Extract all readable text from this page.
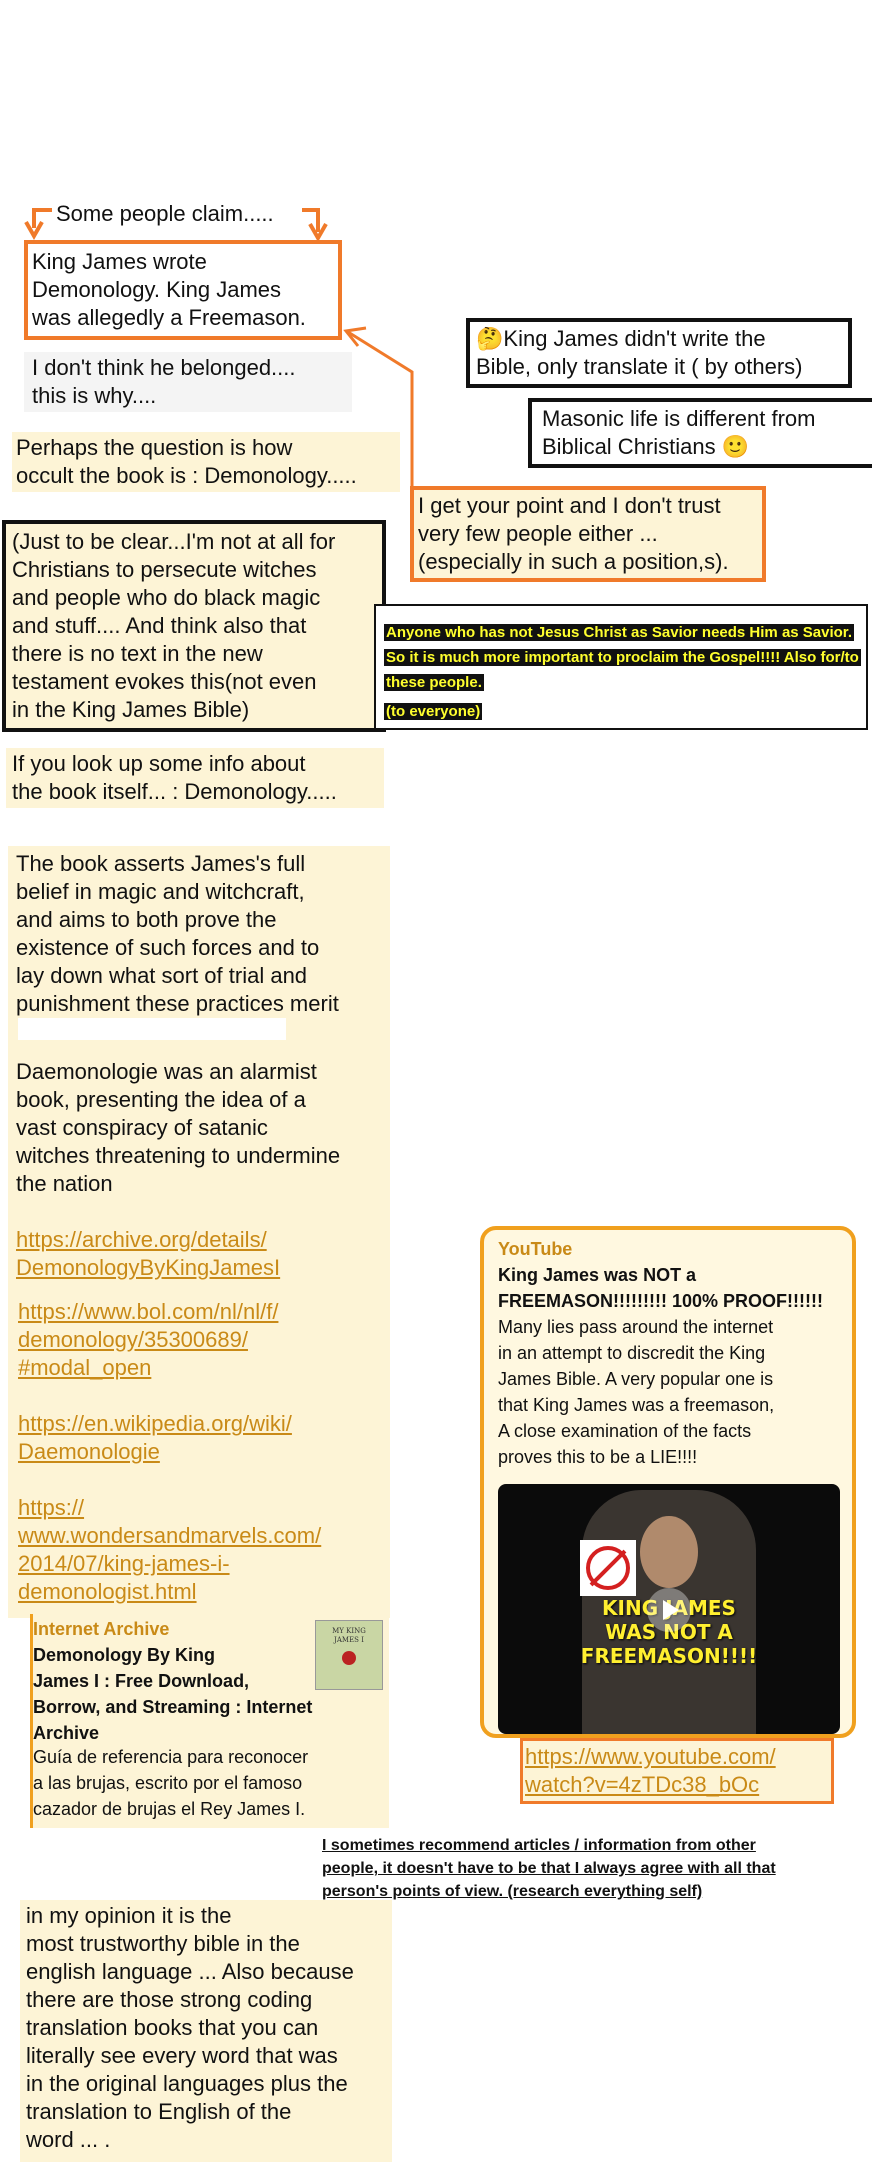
Some people claim.....
King James wrote
Demonology. King James
was allegedly a Freemason.
I don't think he belonged....
this is why....
🤔King James didn't write the
Bible, only translate it ( by others)
Masonic life is different from
Biblical Christians 🙂
Perhaps the question is how
occult the book is : Demonology.....
I get your point and I don't trust
very few people either ...
(especially in such a position,s).
(Just to be clear...I'm not at all for
Christians to persecute witches
and people who do black magic
and stuff.... And think also that
there is no text in the new
testament evokes this(not even
in the King James Bible)
Anyone who has not Jesus Christ as Savior needs Him as Savior.
So it is much more important to proclaim the Gospel!!!! Also for/to
these people.
(to everyone)
If you look up some info about
the book itself... : Demonology.....
The book asserts James's full
belief in magic and witchcraft,
and aims to both prove the
existence of such forces and to
lay down what sort of trial and
punishment these practices merit
Daemonologie was an alarmist
book, presenting the idea of a
vast conspiracy of satanic
witches threatening to undermine
the nation
https://archive.org/details/
DemonologyByKingJamesI
https://www.bol.com/nl/nl/f/
demonology/35300689/
#modal_open
https://en.wikipedia.org/wiki/
Daemonologie
https://
www.wondersandmarvels.com/
2014/07/king-james-i-
demonologist.html
Internet Archive
Demonology By King
James I : Free Download,
Borrow, and Streaming : Internet
Archive
Guía de referencia para reconocer
a las brujas, escrito por el famoso
cazador de brujas el Rey James I.
MY KING
JAMES I
YouTube
King James was NOT a
FREEMASON!!!!!!!!! 100% PROOF!!!!!!
Many lies pass around the internet
in an attempt to discredit the King
James Bible. A very popular one is
that King James was a freemason,
A close examination of the facts
proves this to be a LIE!!!!
KING JAMES
WAS NOT A
FREEMASON!!!!
https://www.youtube.com/
watch?v=4zTDc38_bOc
I sometimes recommend articles / information from other
people, it doesn't have to be that I always agree with all that
person's points of view. (research everything self)
in my opinion it is the
most trustworthy bible in the
english language ... Also because
there are those strong coding
translation books that you can
literally see every word that was
in the original languages plus the
translation to English of the
word ... .
